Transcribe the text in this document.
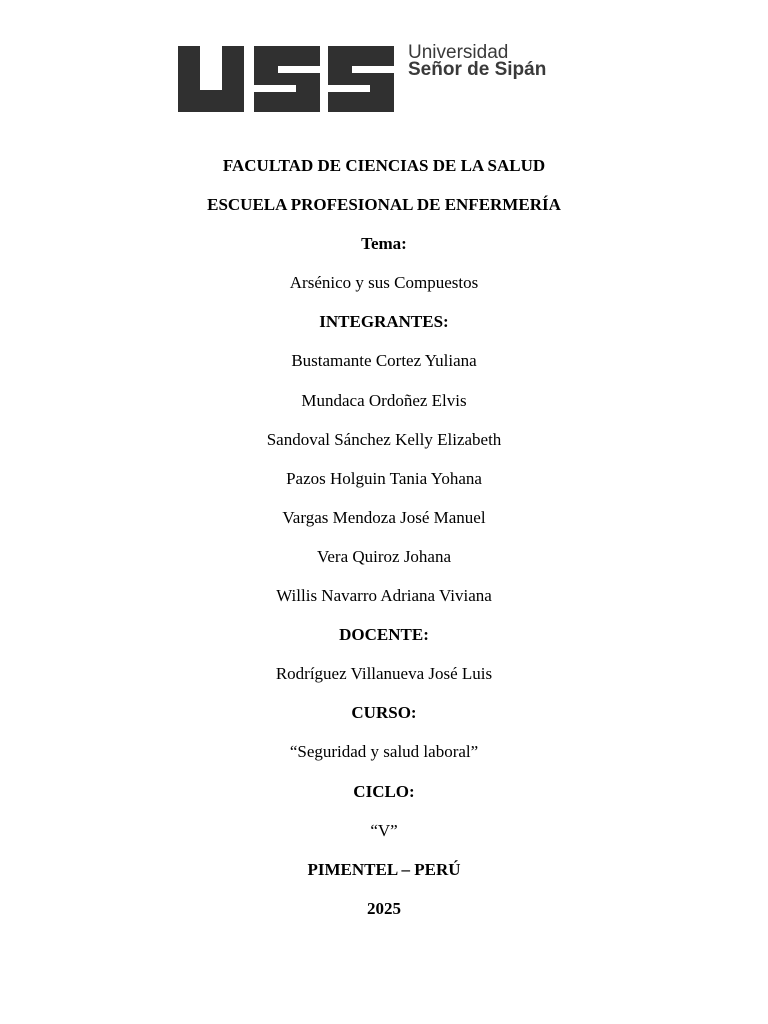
Universidad
Señor de Sipán

FACULTAD DE CIENCIAS DE LA SALUD

ESCUELA PROFESIONAL DE ENFERMERÍA

Tema:

Arsénico y sus Compuestos

INTEGRANTES:

Bustamante Cortez Yuliana

Mundaca Ordoñez Elvis

Sandoval Sánchez Kelly Elizabeth

Pazos Holguin Tania Yohana

Vargas Mendoza José Manuel

Vera Quiroz Johana

Willis Navarro Adriana Viviana

DOCENTE:

Rodríguez Villanueva José Luis

CURSO:

“Seguridad y salud laboral”

CICLO:

“V”

PIMENTEL – PERÚ

2025
